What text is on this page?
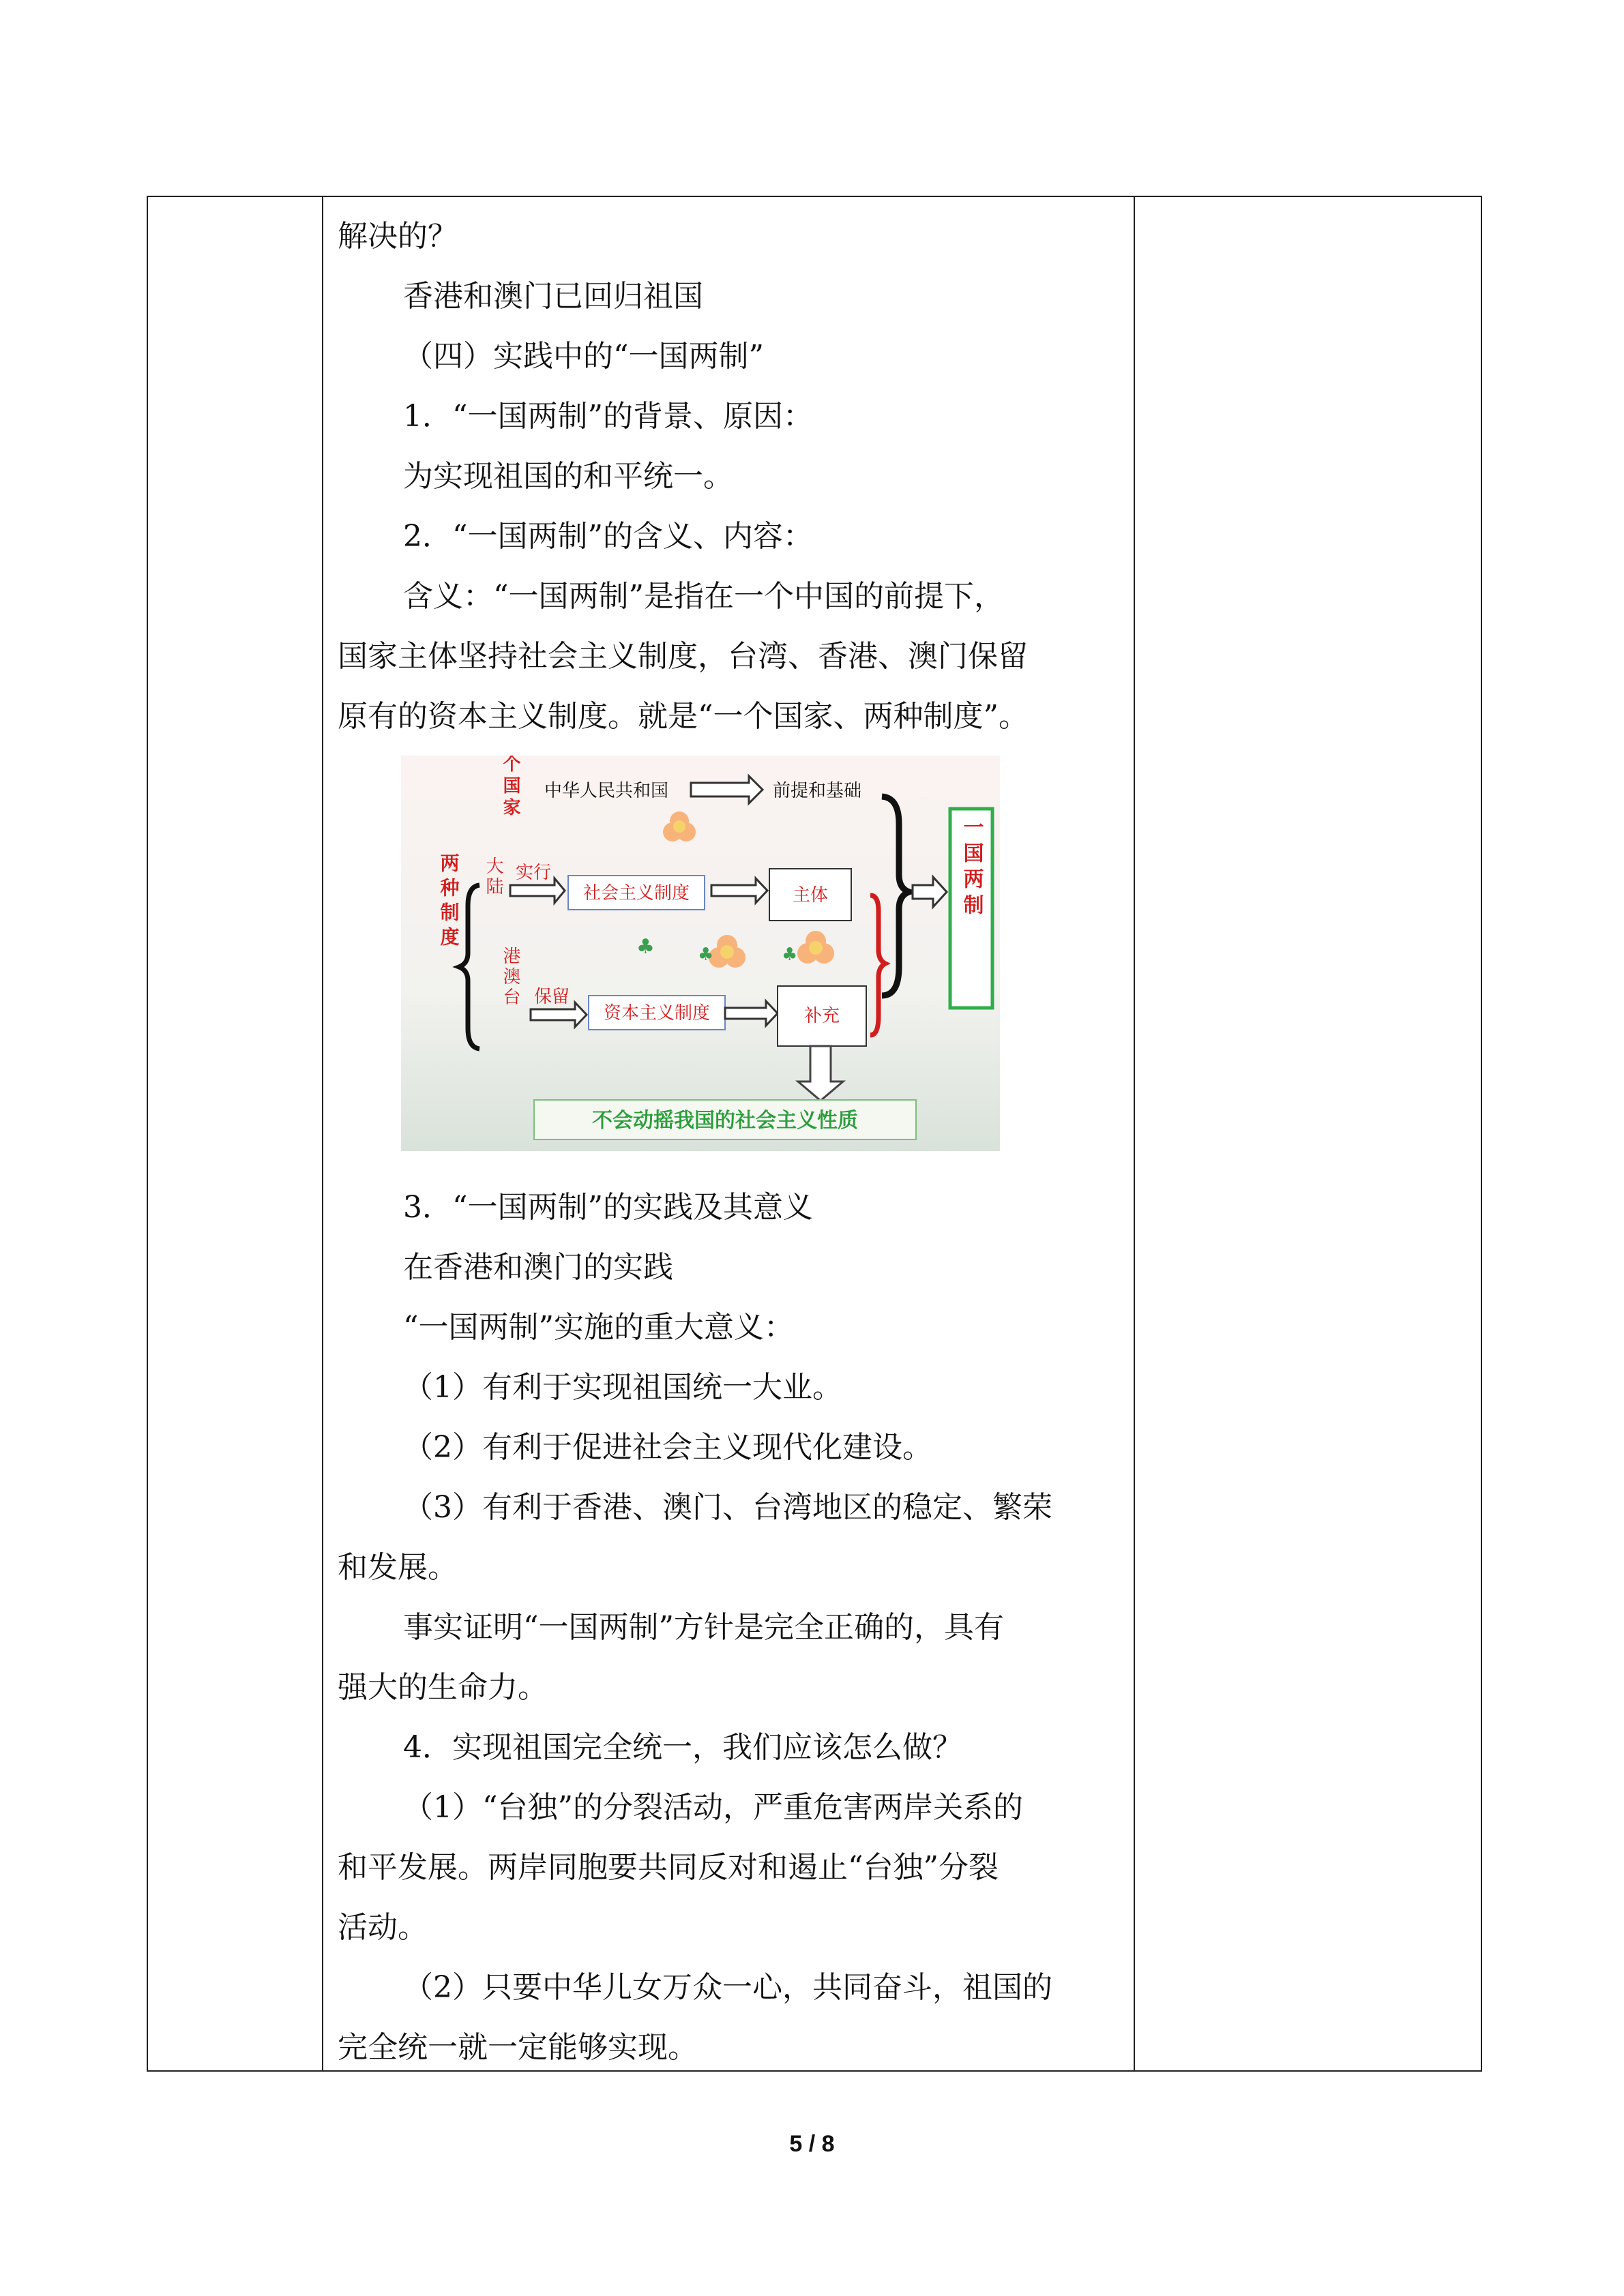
解决的？

香港和澳门已回归祖国

（四）实践中的“一国两制”

1．“一国两制”的背景、原因：

为实现祖国的和平统一。

2．“一国两制”的含义、内容：

含义：“一国两制”是指在一个中国的前提下，

国家主体坚持社会主义制度，台湾、香港、澳门保留

原有的资本主义制度。就是“一个国家、两种制度”。

一个国家
两种制度 大陆
港澳台
中华人民共和国	前提和基础
♣ ♣	♣
实行
社会主义制度	主体
保留
资本主义制度	补充
一国两制
不会动摇我国的社会主义性质

3．“一国两制”的实践及其意义

在香港和澳门的实践

“一国两制”实施的重大意义：

（1）有利于实现祖国统一大业。

（2）有利于促进社会主义现代化建设。

（3）有利于香港、澳门、台湾地区的稳定、繁荣

和发展。

事实证明“一国两制”方针是完全正确的，具有

强大的生命力。

4．实现祖国完全统一，我们应该怎么做？

（1）“台独”的分裂活动，严重危害两岸关系的

和平发展。两岸同胞要共同反对和遏止“台独”分裂

活动。

（2）只要中华儿女万众一心，共同奋斗，祖国的

完全统一就一定能够实现。

5 / 8
